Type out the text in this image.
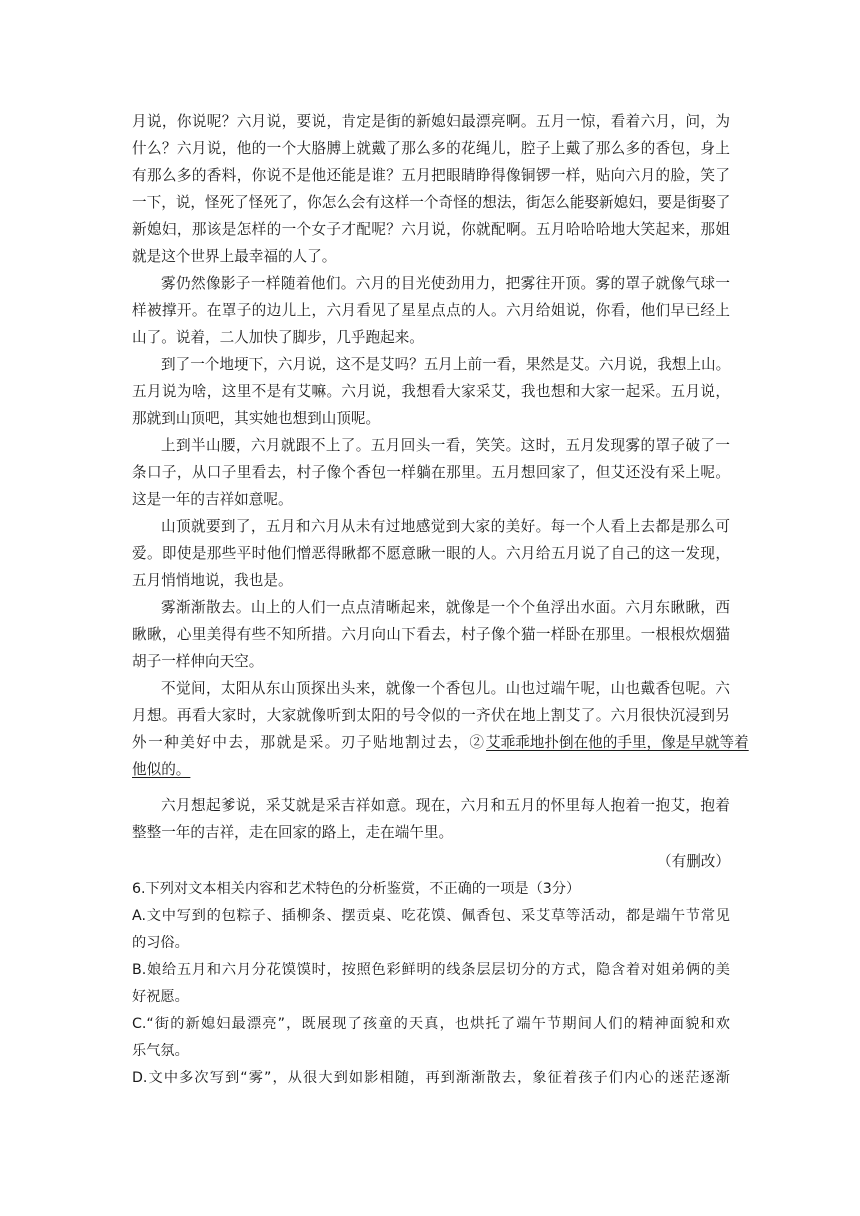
月说，你说呢？六月说，要说，肯定是街的新媳妇最漂亮啊。五月一惊，看着六月，问，为
什么？六月说，他的一个大胳膊上就戴了那么多的花绳儿，腔子上戴了那么多的香包，身上
有那么多的香料，你说不是他还能是谁？五月把眼睛睁得像铜锣一样，贴向六月的脸，笑了
一下，说，怪死了怪死了，你怎么会有这样一个奇怪的想法，街怎么能娶新媳妇，要是街娶了
新媳妇，那该是怎样的一个女子才配呢？六月说，你就配啊。五月哈哈哈地大笑起来，那姐
就是这个世界上最幸福的人了。
雾仍然像影子一样随着他们。六月的目光使劲用力，把雾往开顶。雾的罩子就像气球一
样被撑开。在罩子的边儿上，六月看见了星星点点的人。六月给姐说，你看，他们早已经上
山了。说着，二人加快了脚步，几乎跑起来。
到了一个地埂下，六月说，这不是艾吗？五月上前一看，果然是艾。六月说，我想上山。
五月说为啥，这里不是有艾嘛。六月说，我想看大家采艾，我也想和大家一起采。五月说，
那就到山顶吧，其实她也想到山顶呢。
上到半山腰，六月就跟不上了。五月回头一看，笑笑。这时，五月发现雾的罩子破了一
条口子，从口子里看去，村子像个香包一样躺在那里。五月想回家了，但艾还没有采上呢。
这是一年的吉祥如意呢。
山顶就要到了，五月和六月从未有过地感觉到大家的美好。每一个人看上去都是那么可
爱。即使是那些平时他们憎恶得瞅都不愿意瞅一眼的人。六月给五月说了自己的这一发现，
五月悄悄地说，我也是。
雾渐渐散去。山上的人们一点点清晰起来，就像是一个个鱼浮出水面。六月东瞅瞅，西
瞅瞅，心里美得有些不知所措。六月向山下看去，村子像个猫一样卧在那里。一根根炊烟猫
胡子一样伸向天空。
不觉间，太阳从东山顶探出头来，就像一个香包儿。山也过端午呢，山也戴香包呢。六
月想。再看大家时，大家就像听到太阳的号令似的一齐伏在地上割艾了。六月很快沉浸到另
外一种美好中去，那就是采。刃子贴地割过去，② 艾乖乖地扑倒在他的手里，像是早就等着
他似的。
六月想起爹说，采艾就是采吉祥如意。现在，六月和五月的怀里每人抱着一抱艾，抱着
整整一年的吉祥，走在回家的路上，走在端午里。
（有删改）
6.下列对文本相关内容和艺术特色的分析鉴赏，不正确的一项是（3分）
A.文中写到的包粽子、插柳条、摆贡桌、吃花馍、佩香包、采艾草等活动，都是端午节常见
的习俗。
B.娘给五月和六月分花馍馍时，按照色彩鲜明的线条层层切分的方式，隐含着对姐弟俩的美
好祝愿。
C.“街的新媳妇最漂亮”，既展现了孩童的天真，也烘托了端午节期间人们的精神面貌和欢
乐气氛。
D.文中多次写到“雾”，从很大到如影相随，再到渐渐散去，象征着孩子们内心的迷茫逐渐
